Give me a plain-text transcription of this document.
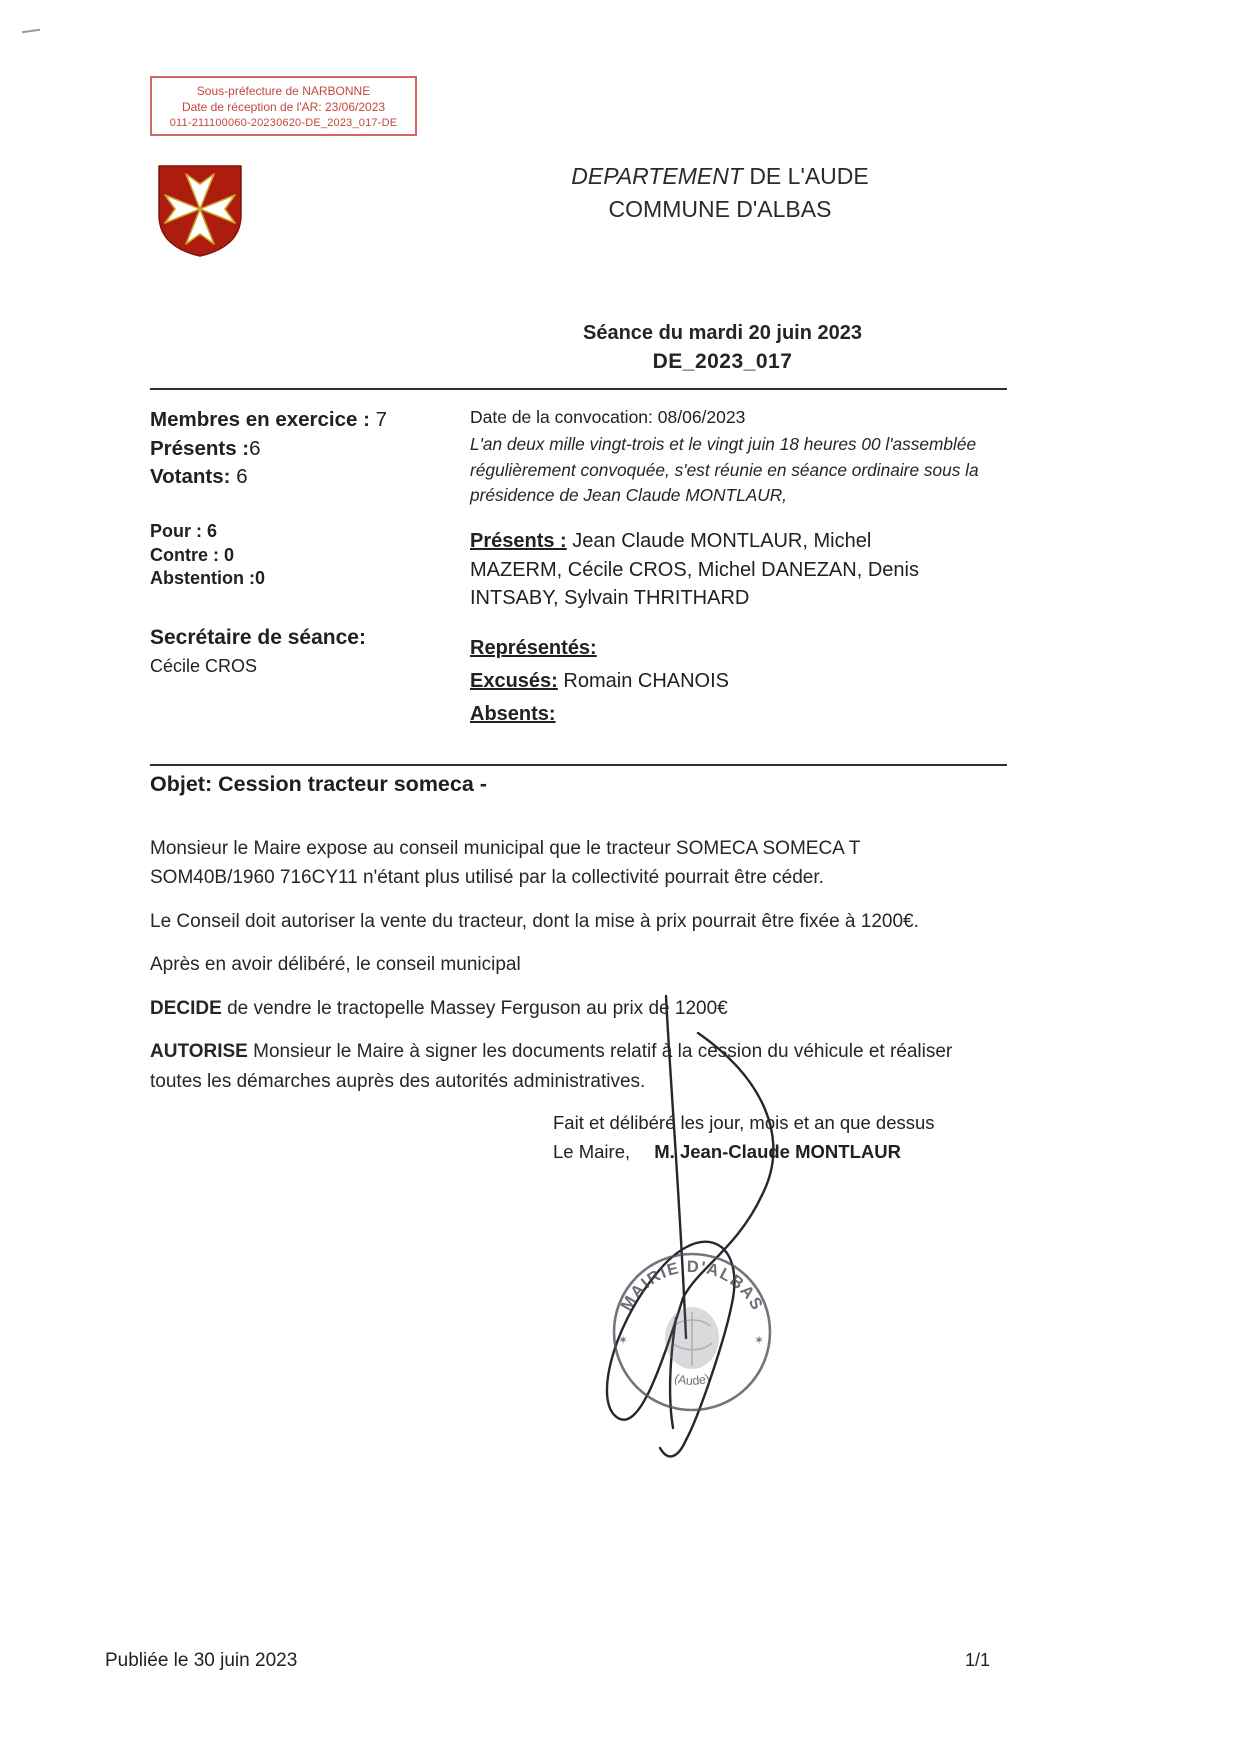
Sous-préfecture de NARBONNE
Date de réception de l'AR: 23/06/2023
011-211100060-20230620-DE_2023_017-DE
DEPARTEMENT DE L'AUDE
COMMUNE D'ALBAS
Séance du mardi 20 juin 2023
DE_2023_017
Membres en exercice : 7
Présents :6
Votants: 6
Pour : 6
Contre : 0
Abstention :0
Secrétaire de séance:
Cécile CROS
Date de la convocation: 08/06/2023
L'an deux mille vingt-trois et le vingt juin 18 heures 00 l'assemblée
régulièrement convoquée, s'est réunie en séance ordinaire sous la
présidence de Jean Claude MONTLAUR,
Présents : Jean Claude MONTLAUR, Michel
MAZERM, Cécile CROS, Michel DANEZAN, Denis
INTSABY, Sylvain THRITHARD
Représentés:
Excusés: Romain CHANOIS
Absents:
Objet: Cession tracteur someca -
Monsieur le Maire expose au conseil municipal que le tracteur SOMECA SOMECA T
SOM40B/1960 716CY11 n'étant plus utilisé par la collectivité pourrait être céder.
Le Conseil doit autoriser la vente du tracteur, dont la mise à prix pourrait être fixée à 1200€.
Après en avoir délibéré, le conseil municipal
DECIDE de vendre le tractopelle Massey Ferguson au prix de 1200€
AUTORISE Monsieur le Maire à signer les documents relatif à la cession du véhicule et réaliser
toutes les démarches auprès des autorités administratives.
Fait et délibéré les jour, mois et an que dessus
Le Maire, M. Jean-Claude MONTLAUR
MAIRIE D'ALBAS
(Aude)
✶	✶
Publiée le 30 juin 2023	1/1
